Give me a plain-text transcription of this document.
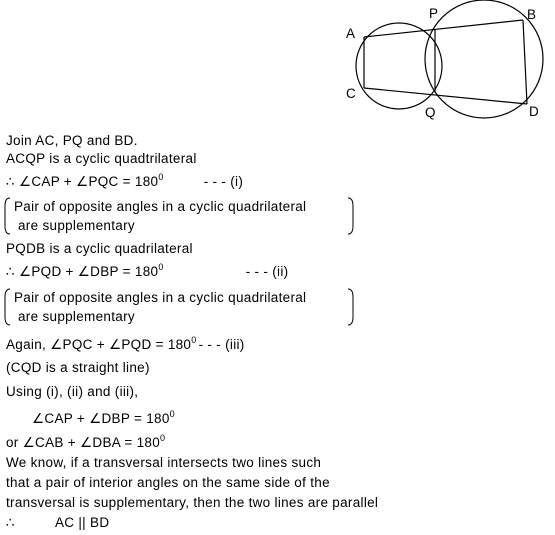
A
P	B
C
Q	D
Join AC, PQ and BD.
ACQP is a cyclic quadtrilateral
∴ ∠CAP + ∠PQC = $180^0$	- - - (i)
Pair of opposite angles in a cyclic quadrilateral
are supplementary
PQDB is a cyclic quadrilateral
∴ ∠PQD + ∠DBP = $180^0$	- - - (ii)
Pair of opposite angles in a cyclic quadrilateral
are supplementary
Again, ∠PQC + ∠PQD = $180^0$ - - - (iii)
(CQD is a straight line)
Using (i), (ii) and (iii),
∠CAP + ∠DBP = $180^0$
or ∠CAB + ∠DBA = $180^0$
We know, if a transversal intersects two lines such
that a pair of interior angles on the same side of the
transversal is supplementary, then the two lines are parallel
∴	AC || BD
